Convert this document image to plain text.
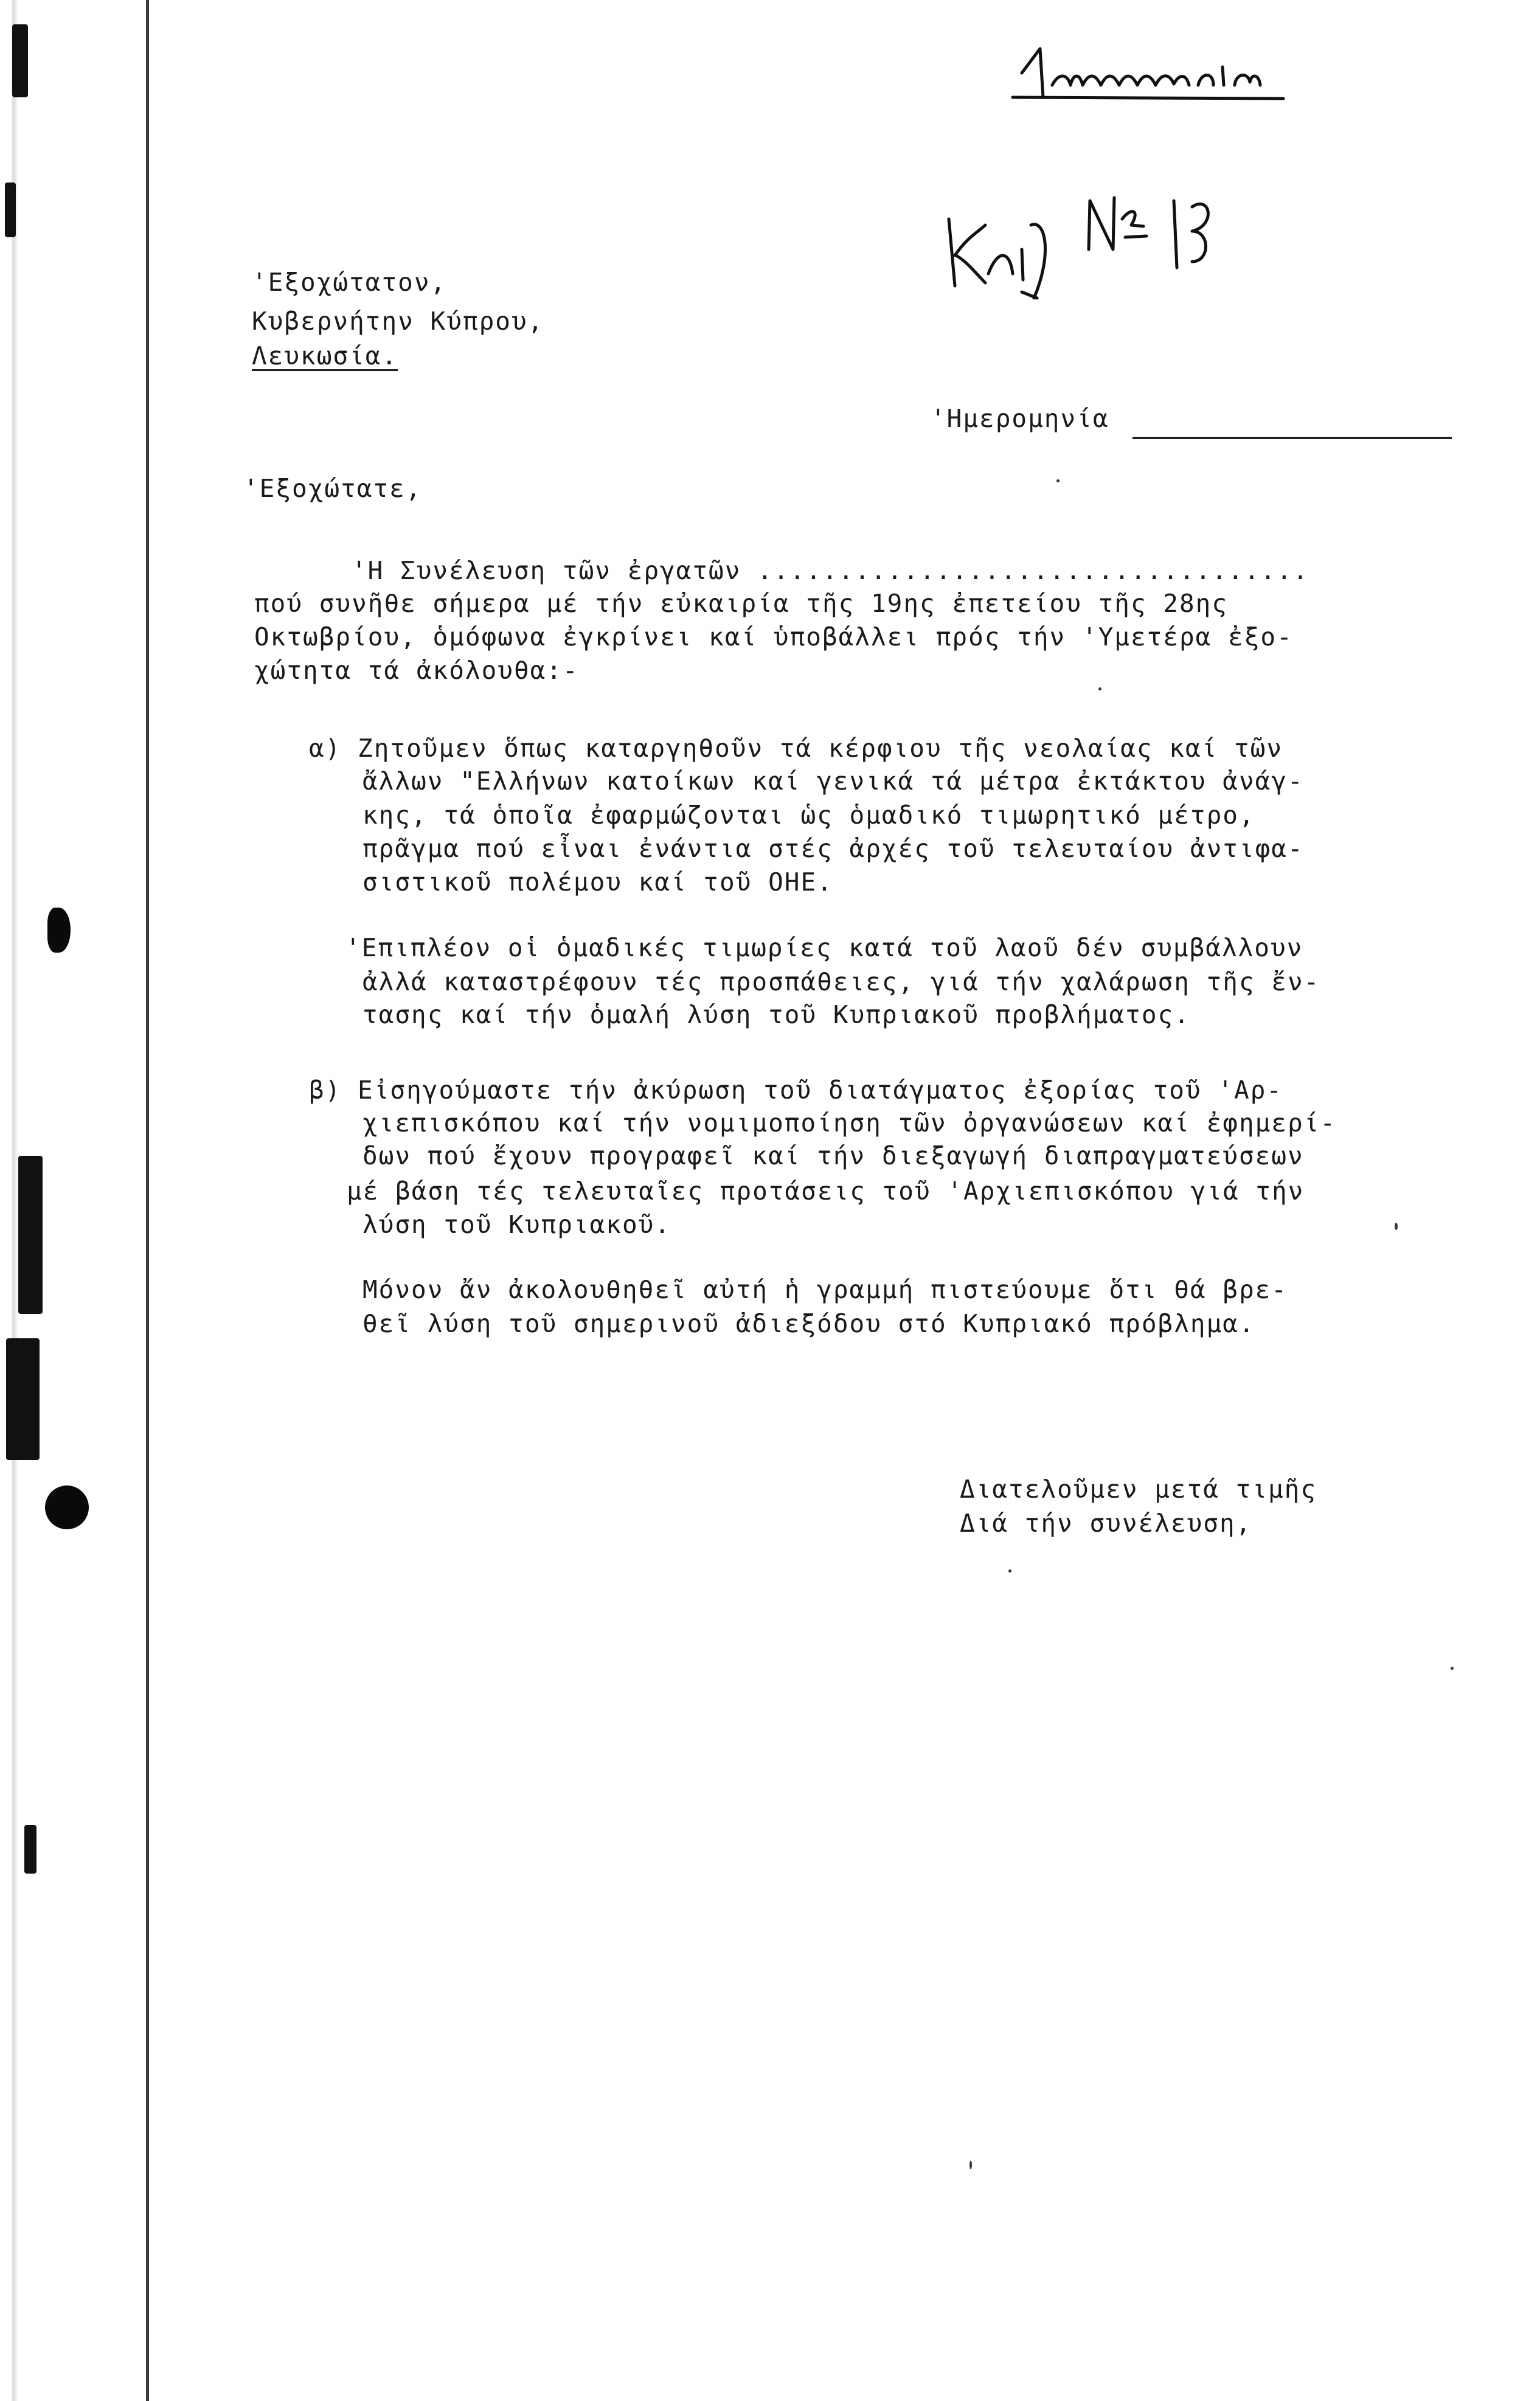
'Εξοχώτατον,
Κυβερνήτην Κύπρου,
Λευκωσία.
'Ημερομηνία
'Εξοχώτατε,
'Η Συνέλευση τῶν ἐργατῶν ..................................
πού συνῆθε σήμερα μέ τήν εὐκαιρία τῆς 19ης ἐπετείου τῆς 28ης
Οκτωβρίου, ὁμόφωνα ἐγκρίνει καί ὑποβάλλει πρός τήν 'Υμετέρα ἐξο-
χώτητα τά ἀκόλουθα:-
α) Ζητοῦμεν ὅπως καταργηθοῦν τά κέρφιου τῆς νεολαίας καί τῶν
ἄλλων "Ελλήνων κατοίκων καί γενικά τά μέτρα ἐκτάκτου ἀνάγ-
κης, τά ὁποῖα ἐφαρμώζονται ὡς ὁμαδικό τιμωρητικό μέτρο,
πρᾶγμα πού εἶναι ἐνάντια στές ἀρχές τοῦ τελευταίου ἀντιφα-
σιστικοῦ πολέμου καί τοῦ ΟΗΕ.
'Επιπλέον οἱ ὁμαδικές τιμωρίες κατά τοῦ λαοῦ δέν συμβάλλουν
ἀλλά καταστρέφουν τές προσπάθειες, γιά τήν χαλάρωση τῆς ἔν-
τασης καί τήν ὁμαλή λύση τοῦ Κυπριακοῦ προβλήματος.
β) Εἰσηγούμαστε τήν ἀκύρωση τοῦ διατάγματος ἐξορίας τοῦ 'Αρ-
χιεπισκόπου καί τήν νομιμοποίηση τῶν ὀργανώσεων καί ἐφημερί-
δων πού ἔχουν προγραφεῖ καί τήν διεξαγωγή διαπραγματεύσεων
μέ βάση τές τελευταῖες προτάσεις τοῦ 'Αρχιεπισκόπου γιά τήν
λύση τοῦ Κυπριακοῦ.
Μόνον ἄν ἀκολουθηθεῖ αὐτή ἡ γραμμή πιστεύουμε ὅτι θά βρε-
θεῖ λύση τοῦ σημερινοῦ ἀδιεξόδου στό Κυπριακό πρόβλημα.
Διατελοῦμεν μετά τιμῆς
Διά τήν συνέλευση,
